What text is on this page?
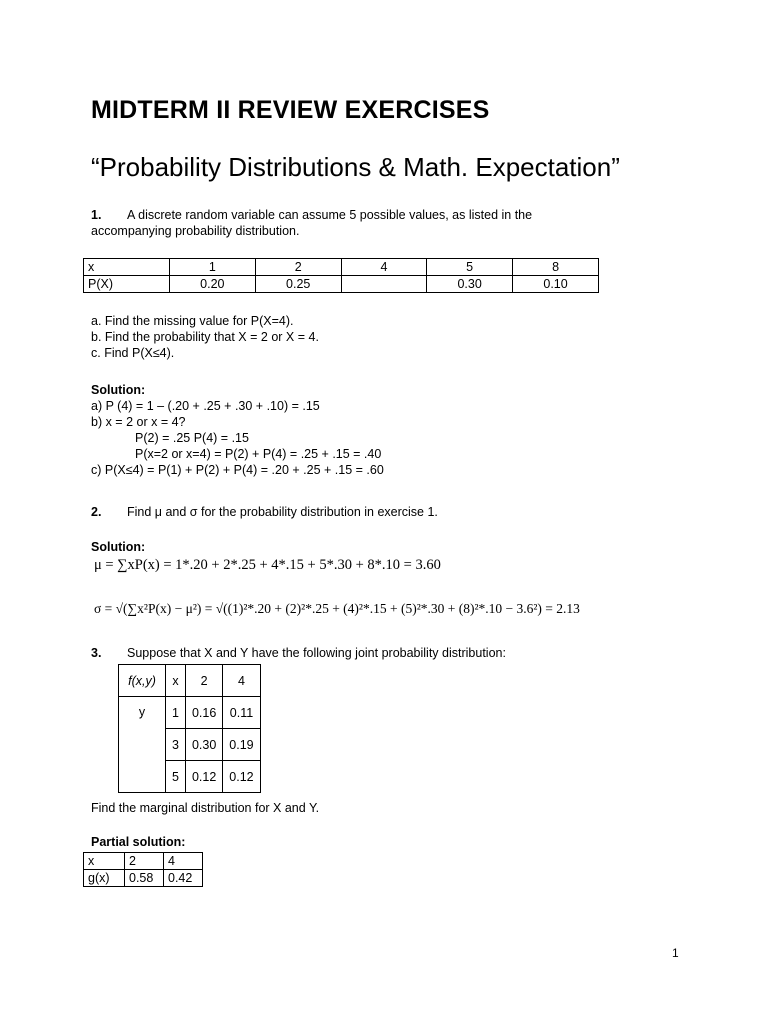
MIDTERM II REVIEW EXERCISES
“Probability Distributions & Math. Expectation”
1. A discrete random variable can assume 5 possible values, as listed in the
accompanying probability distribution.
x	1	2	4	5	8
P(X)	0.20	0.25		0.30	0.10
a. Find the missing value for P(X=4).
b. Find the probability that X = 2 or X = 4.
c. Find P(X≤4).
Solution:
a) P (4) = 1 – (.20 + .25 + .30 + .10) = .15
b) x = 2 or x = 4?
P(2) = .25 P(4) = .15
P(x=2 or x=4) = P(2) + P(4) = .25 + .15 = .40
c) P(X≤4) = P(1) + P(2) + P(4) = .20 + .25 + .15 = .60
2. Find μ and σ for the probability distribution in exercise 1.
Solution:
μ = ∑xP(x) = 1*.20 + 2*.25 + 4*.15 + 5*.30 + 8*.10 = 3.60
σ = √(∑x²P(x) − μ²) = √((1)²*.20 + (2)²*.25 + (4)²*.15 + (5)²*.30 + (8)²*.10 − 3.6²) = 2.13
3. Suppose that X and Y have the following joint probability distribution:
f(x,y)	x	2	4
y	1	0.16	0.11
	3	0.30	0.19
	5	0.12	0.12
Find the marginal distribution for X and Y.
Partial solution:
x	2	4
g(x)	0.58	0.42
1
